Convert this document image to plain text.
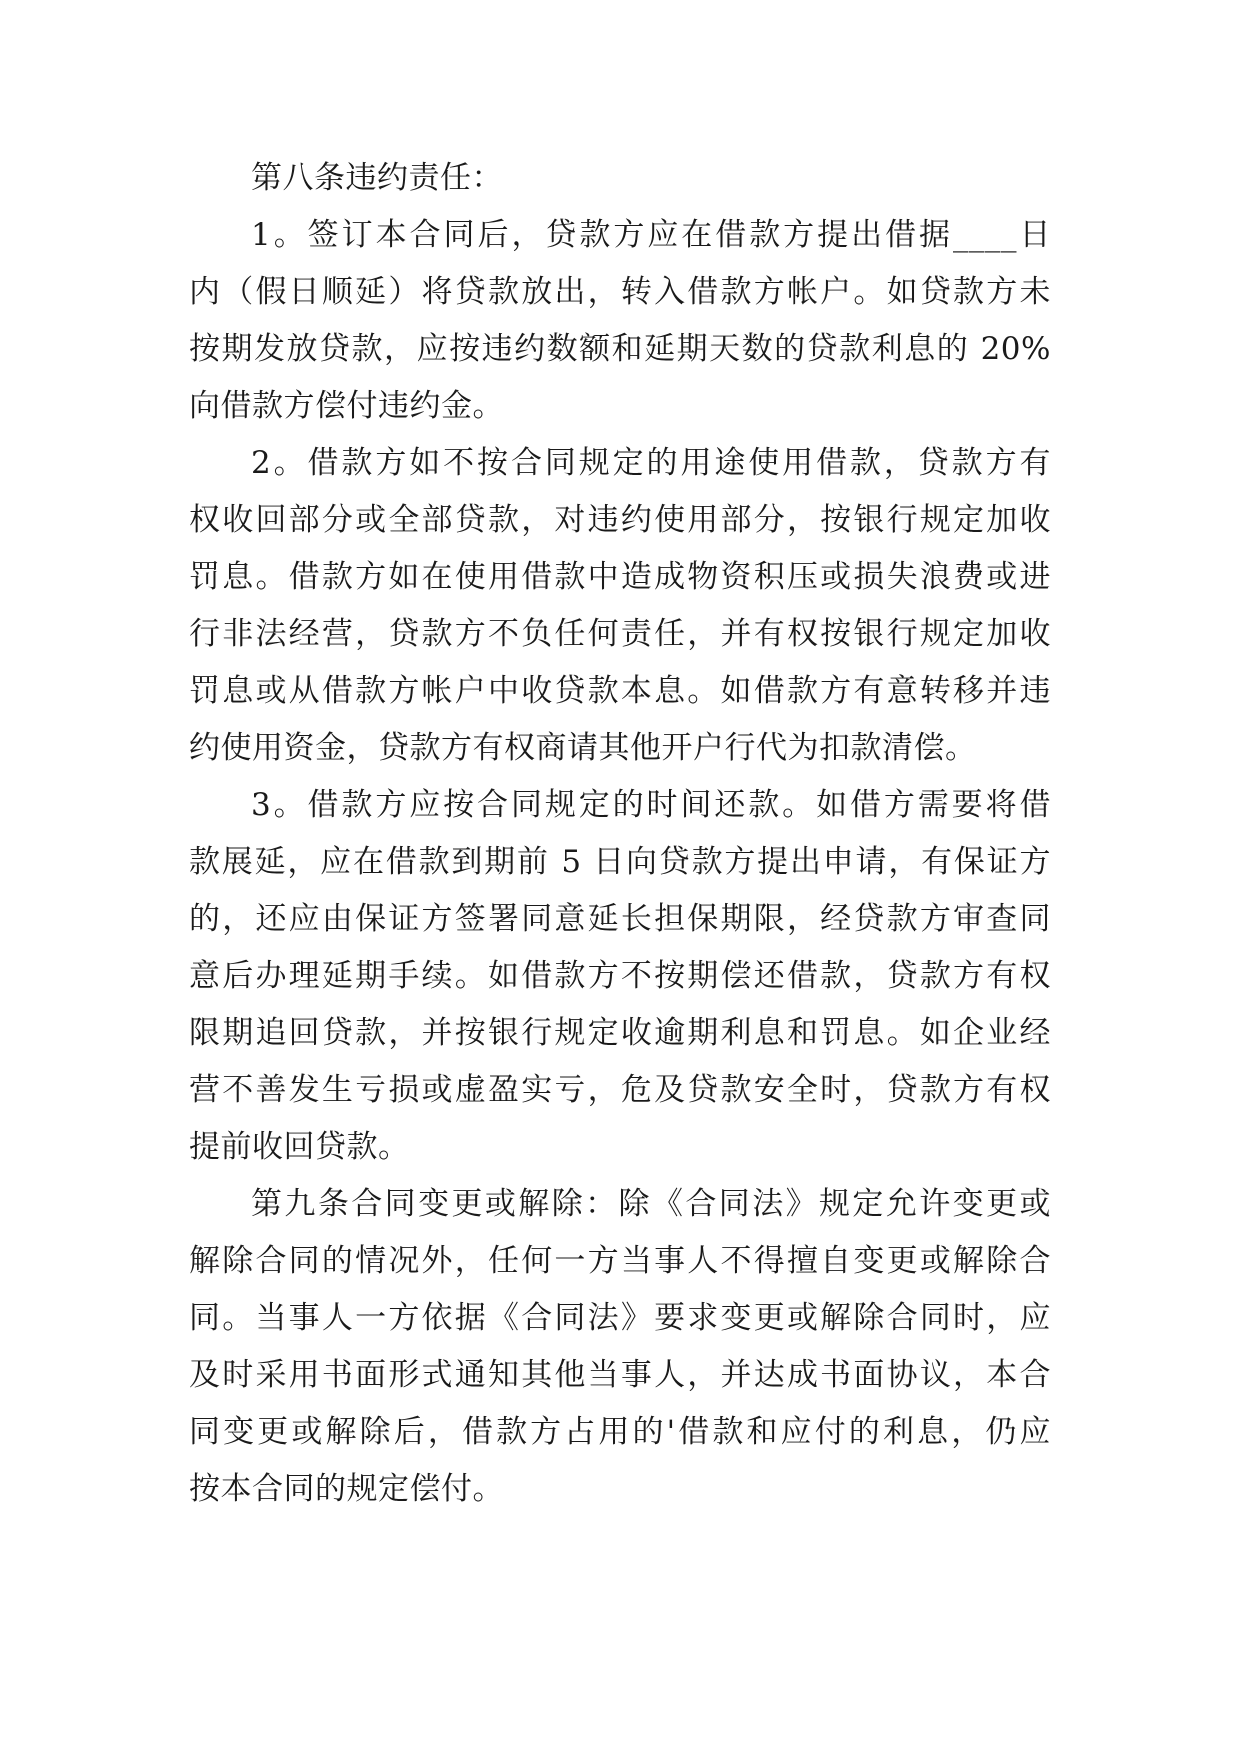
第八条违约责任：
1。签订本合同后，贷款方应在借款方提出借据____日
内（假日顺延）将贷款放出，转入借款方帐户。如贷款方未
按期发放贷款，应按违约数额和延期天数的贷款利息的 20%
向借款方偿付违约金。
2。借款方如不按合同规定的用途使用借款，贷款方有
权收回部分或全部贷款，对违约使用部分，按银行规定加收
罚息。借款方如在使用借款中造成物资积压或损失浪费或进
行非法经营，贷款方不负任何责任，并有权按银行规定加收
罚息或从借款方帐户中收贷款本息。如借款方有意转移并违
约使用资金，贷款方有权商请其他开户行代为扣款清偿。
3。借款方应按合同规定的时间还款。如借方需要将借
款展延，应在借款到期前 5 日向贷款方提出申请，有保证方
的，还应由保证方签署同意延长担保期限，经贷款方审查同
意后办理延期手续。如借款方不按期偿还借款，贷款方有权
限期追回贷款，并按银行规定收逾期利息和罚息。如企业经
营不善发生亏损或虚盈实亏，危及贷款安全时，贷款方有权
提前收回贷款。
第九条合同变更或解除：除《合同法》规定允许变更或
解除合同的情况外，任何一方当事人不得擅自变更或解除合
同。当事人一方依据《合同法》要求变更或解除合同时，应
及时采用书面形式通知其他当事人，并达成书面协议，本合
同变更或解除后，借款方占用的'借款和应付的利息，仍应
按本合同的规定偿付。
